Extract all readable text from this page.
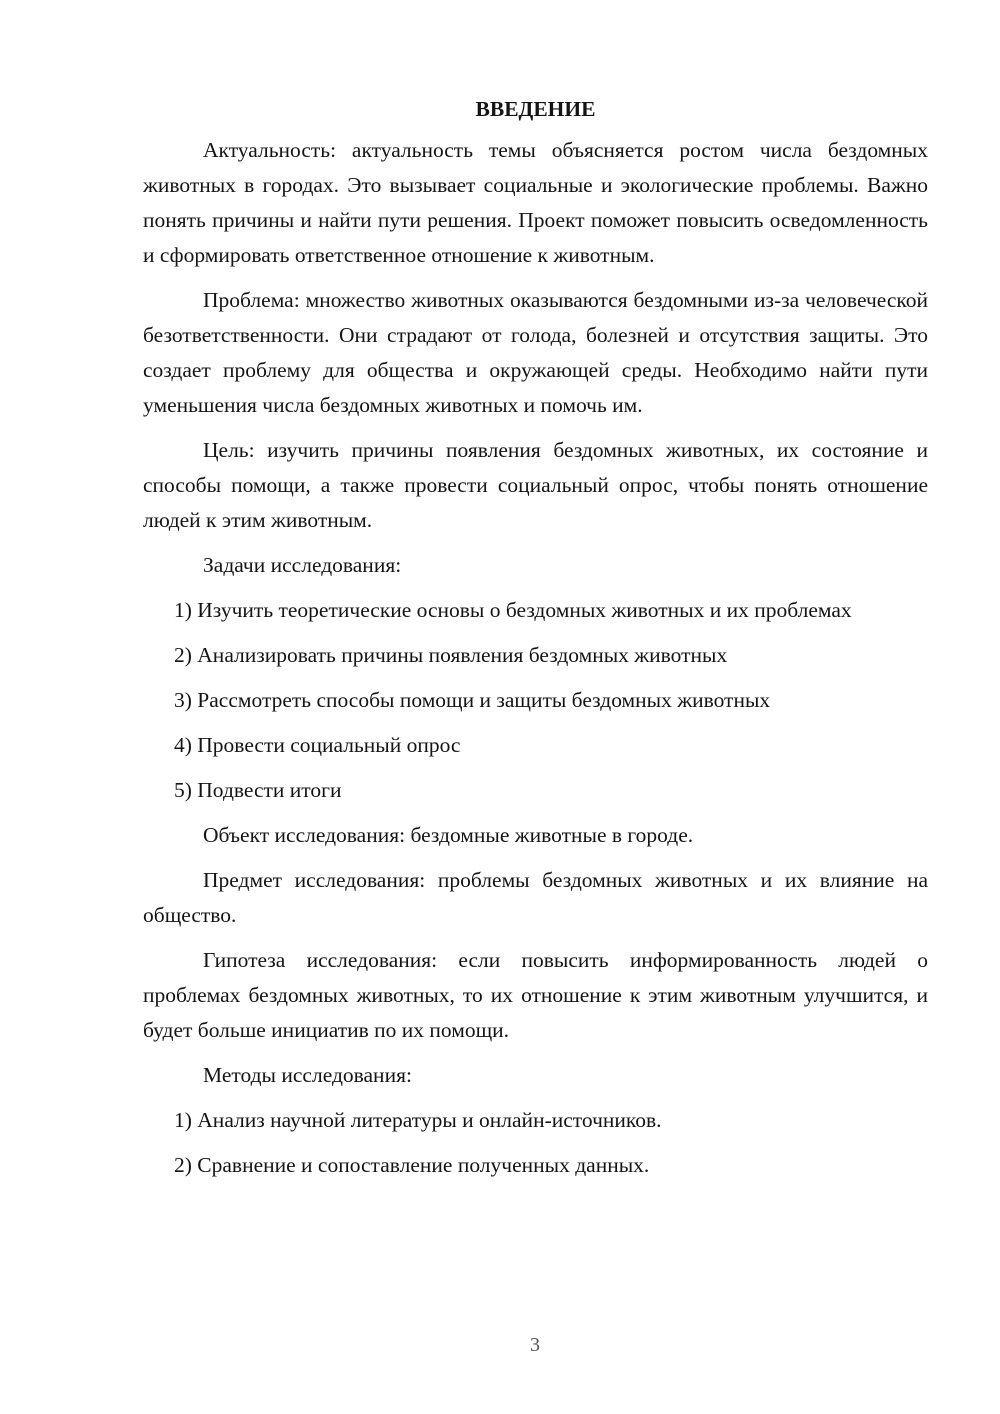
ВВЕДЕНИЕ

Актуальность: актуальность темы объясняется ростом числа бездомных животных в городах. Это вызывает социальные и экологические проблемы. Важно понять причины и найти пути решения. Проект поможет повысить осведомленность и сформировать ответственное отношение к животным.

Проблема: множество животных оказываются бездомными из-за человеческой безответственности. Они страдают от голода, болезней и отсутствия защиты. Это создает проблему для общества и окружающей среды. Необходимо найти пути уменьшения числа бездомных животных и помочь им.

Цель: изучить причины появления бездомных животных, их состояние и способы помощи, а также провести социальный опрос, чтобы понять отношение людей к этим животным.

Задачи исследования:

1) Изучить теоретические основы о бездомных животных и их проблемах

2) Анализировать причины появления бездомных животных

3) Рассмотреть способы помощи и защиты бездомных животных

4) Провести социальный опрос

5) Подвести итоги

Объект исследования: бездомные животные в городе.

Предмет исследования: проблемы бездомных животных и их влияние на общество.

Гипотеза исследования: если повысить информированность людей о проблемах бездомных животных, то их отношение к этим животным улучшится, и будет больше инициатив по их помощи.

Методы исследования:

1) Анализ научной литературы и онлайн-источников.

2) Сравнение и сопоставление полученных данных.

3
